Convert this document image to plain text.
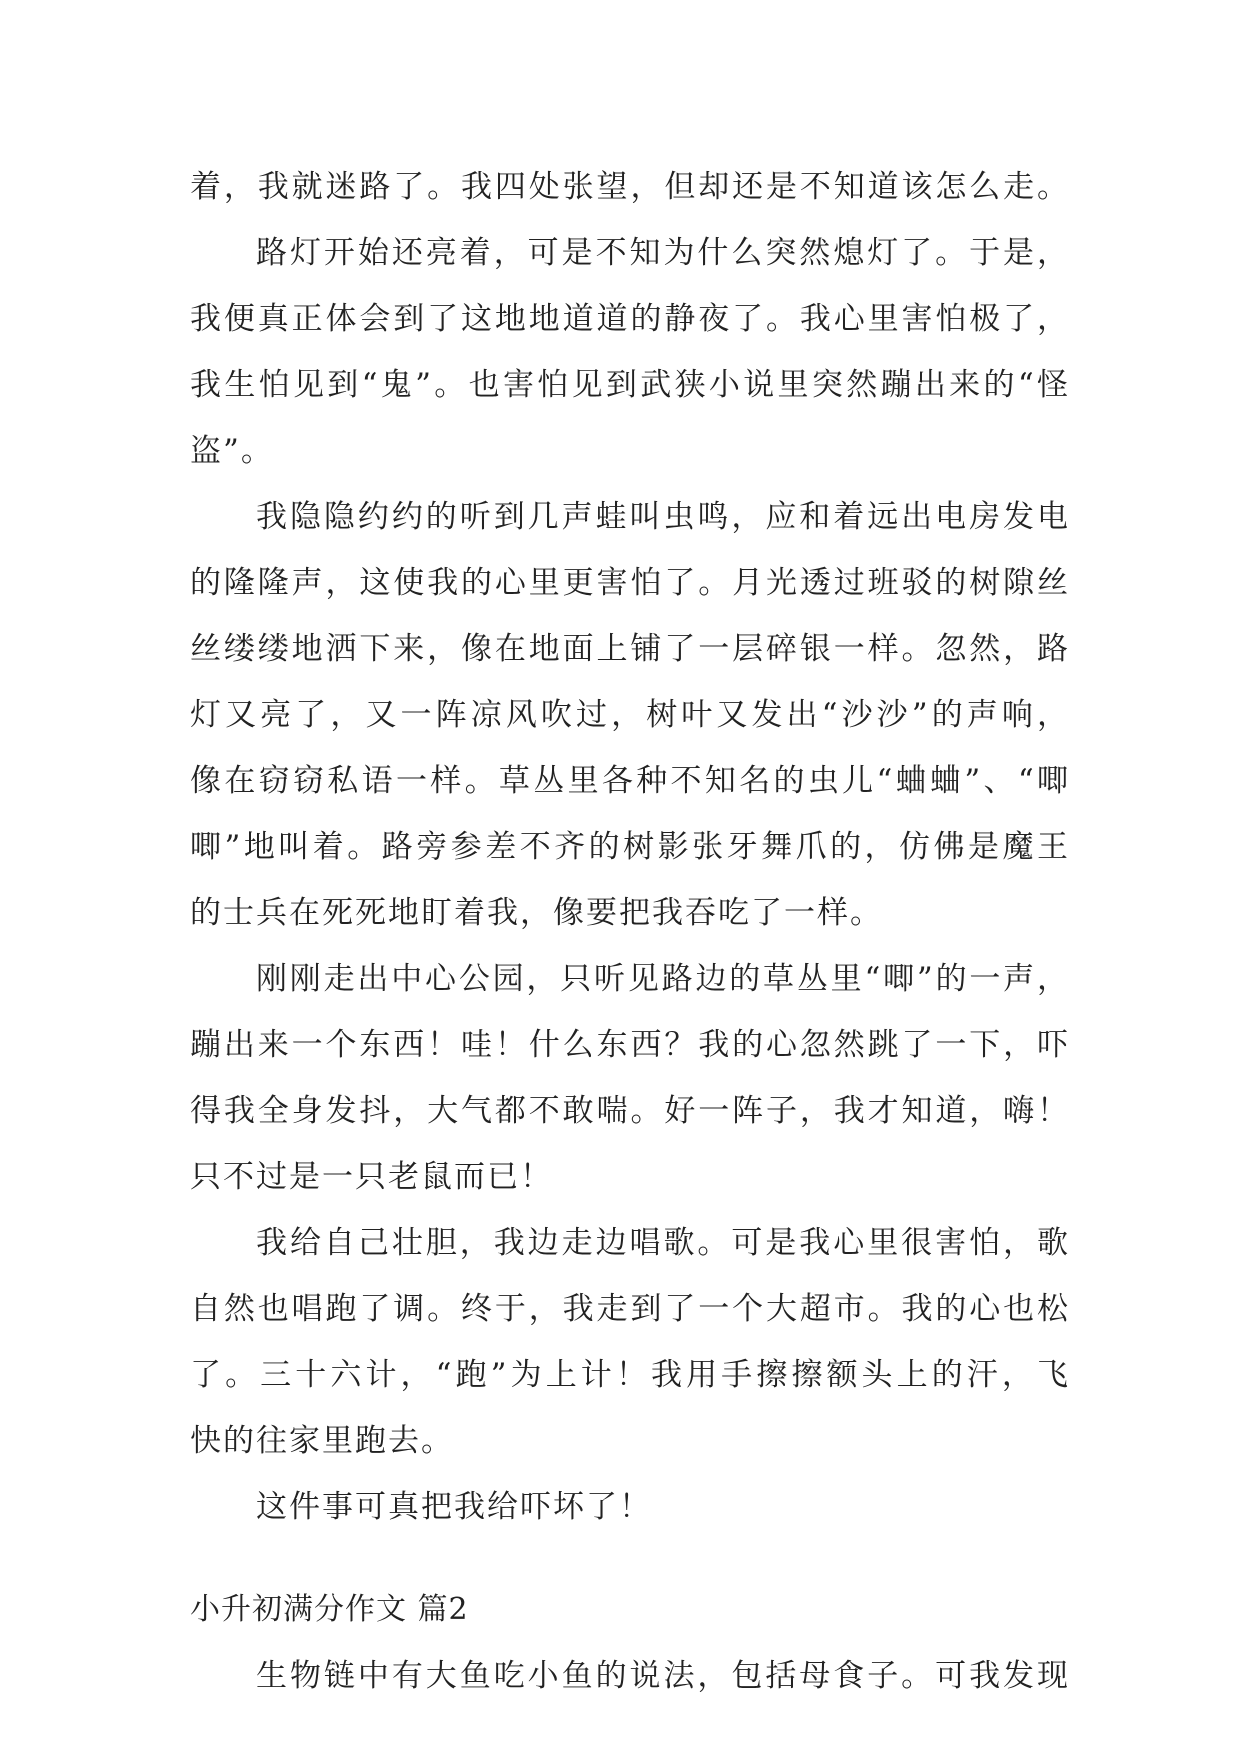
着，我就迷路了。我四处张望，但却还是不知道该怎么走。
路灯开始还亮着，可是不知为什么突然熄灯了。于是，
我便真正体会到了这地地道道的静夜了。我心里害怕极了，
我生怕见到“鬼”。也害怕见到武狭小说里突然蹦出来的“怪
盗”。
我隐隐约约的听到几声蛙叫虫鸣，应和着远出电房发电
的隆隆声，这使我的心里更害怕了。月光透过班驳的树隙丝
丝缕缕地洒下来，像在地面上铺了一层碎银一样。忽然，路
灯又亮了，又一阵凉风吹过，树叶又发出“沙沙”的声响，
像在窃窃私语一样。草丛里各种不知名的虫儿“蛐蛐”、“唧
唧”地叫着。路旁参差不齐的树影张牙舞爪的，仿佛是魔王
的士兵在死死地盯着我，像要把我吞吃了一样。
刚刚走出中心公园，只听见路边的草丛里“唧”的一声，
蹦出来一个东西！哇！什么东西？我的心忽然跳了一下，吓
得我全身发抖，大气都不敢喘。好一阵子，我才知道，嗨！
只不过是一只老鼠而已！
我给自己壮胆，我边走边唱歌。可是我心里很害怕，歌
自然也唱跑了调。终于，我走到了一个大超市。我的心也松
了。三十六计，“跑”为上计！我用手擦擦额头上的汗，飞
快的往家里跑去。
这件事可真把我给吓坏了！
小升初满分作文 篇2
生物链中有大鱼吃小鱼的说法，包括母食子。可我发现
